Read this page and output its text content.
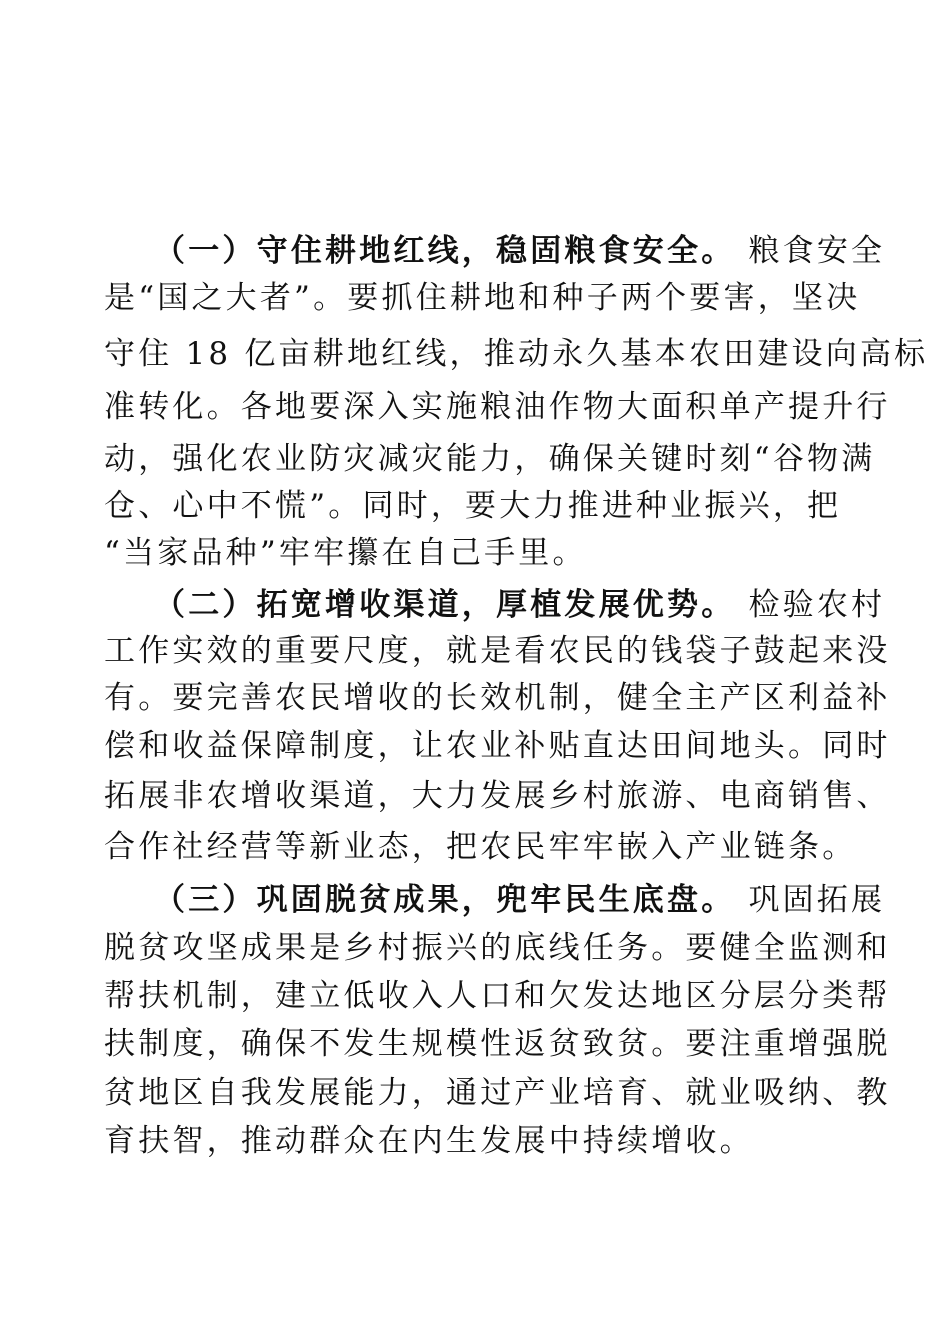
（一）守住耕地红线，稳固粮食安全。 粮食安全
是“国之大者”。要抓住耕地和种子两个要害，坚决
守住 18 亿亩耕地红线，推动永久基本农田建设向高标
准转化。各地要深入实施粮油作物大面积单产提升行
动，强化农业防灾减灾能力，确保关键时刻“谷物满
仓、心中不慌”。同时，要大力推进种业振兴，把
“当家品种”牢牢攥在自己手里。
（二）拓宽增收渠道，厚植发展优势。 检验农村
工作实效的重要尺度，就是看农民的钱袋子鼓起来没
有。要完善农民增收的长效机制，健全主产区利益补
偿和收益保障制度，让农业补贴直达田间地头。同时
拓展非农增收渠道，大力发展乡村旅游、电商销售、
合作社经营等新业态，把农民牢牢嵌入产业链条。
（三）巩固脱贫成果，兜牢民生底盘。 巩固拓展
脱贫攻坚成果是乡村振兴的底线任务。要健全监测和
帮扶机制，建立低收入人口和欠发达地区分层分类帮
扶制度，确保不发生规模性返贫致贫。要注重增强脱
贫地区自我发展能力，通过产业培育、就业吸纳、教
育扶智，推动群众在内生发展中持续增收。
